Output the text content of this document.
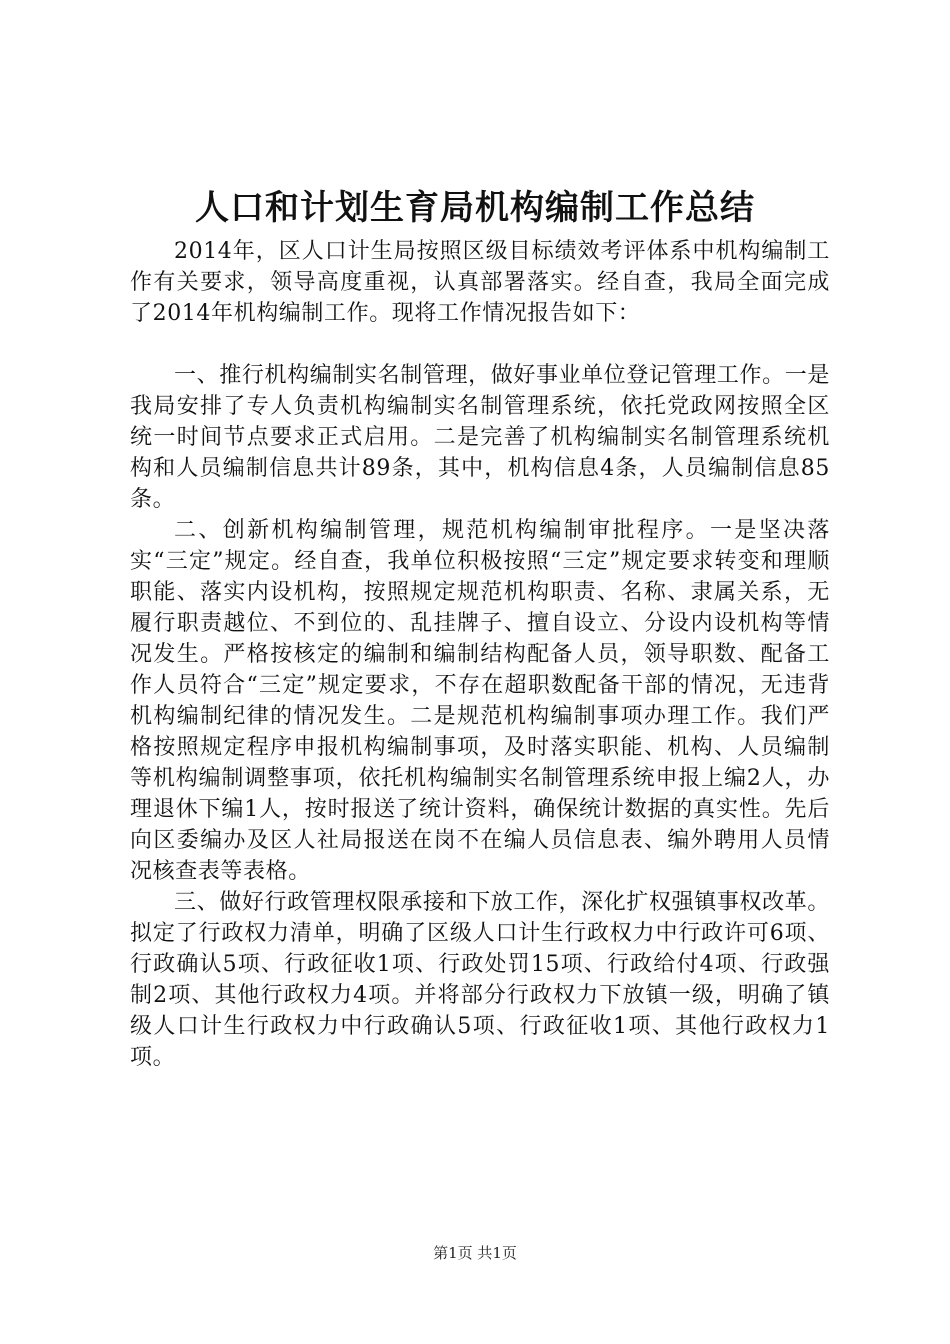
人口和计划生育局机构编制工作总结

2014年，区人口计生局按照区级目标绩效考评体系中机构编制工作有关要求，领导高度重视，认真部署落实。经自查，我局全面完成了2014年机构编制工作。现将工作情况报告如下：

一、推行机构编制实名制管理，做好事业单位登记管理工作。一是我局安排了专人负责机构编制实名制管理系统，依托党政网按照全区统一时间节点要求正式启用。二是完善了机构编制实名制管理系统机构和人员编制信息共计89条，其中，机构信息4条，人员编制信息85条。

二、创新机构编制管理，规范机构编制审批程序。一是坚决落实“三定”规定。经自查，我单位积极按照“三定”规定要求转变和理顺职能、落实内设机构，按照规定规范机构职责、名称、隶属关系，无履行职责越位、不到位的、乱挂牌子、擅自设立、分设内设机构等情况发生。严格按核定的编制和编制结构配备人员，领导职数、配备工作人员符合“三定”规定要求，不存在超职数配备干部的情况，无违背机构编制纪律的情况发生。二是规范机构编制事项办理工作。我们严格按照规定程序申报机构编制事项，及时落实职能、机构、人员编制等机构编制调整事项，依托机构编制实名制管理系统申报上编2人，办理退休下编1人，按时报送了统计资料，确保统计数据的真实性。先后向区委编办及区人社局报送在岗不在编人员信息表、编外聘用人员情况核查表等表格。

三、做好行政管理权限承接和下放工作，深化扩权强镇事权改革。拟定了行政权力清单，明确了区级人口计生行政权力中行政许可6项、行政确认5项、行政征收1项、行政处罚15项、行政给付4项、行政强制2项、其他行政权力4项。并将部分行政权力下放镇一级，明确了镇级人口计生行政权力中行政确认5项、行政征收1项、其他行政权力1项。

第1页 共1页
